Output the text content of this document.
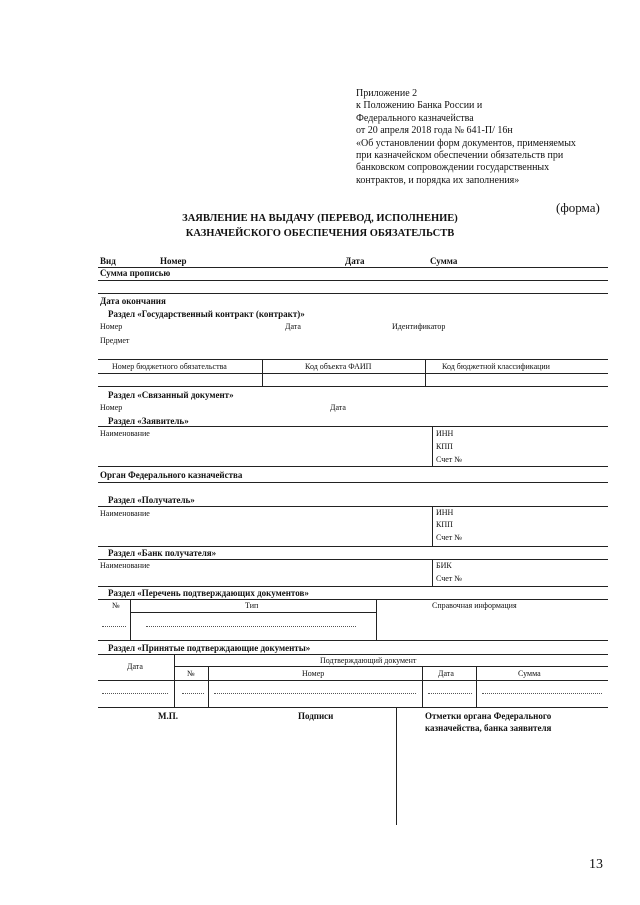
Приложение 2
к Положению Банка России и
Федерального казначейства
от 20 апреля 2018 года № 641-П/ 16н
«Об установлении форм документов, применяемых
при казначейском обеспечении обязательств при
банковском сопровождении государственных
контрактов, и порядка их заполнения»
(форма)
ЗАЯВЛЕНИЕ НА ВЫДАЧУ (ПЕРЕВОД, ИСПОЛНЕНИЕ)
КАЗНАЧЕЙСКОГО ОБЕСПЕЧЕНИЯ ОБЯЗАТЕЛЬСТВ
Вид	Номер	Дата	Сумма
Сумма прописью
Дата окончания
Раздел «Государственный контракт (контракт)»
Номер	Дата	Идентификатор
Предмет
Номер бюджетного обязательства	Код объекта ФАИП	Код бюджетной классификации
Раздел «Связанный документ»
Номер	Дата
Раздел «Заявитель»
Наименование	ИНН
КПП
Счет №
Орган Федерального казначейства
Раздел «Получатель»
Наименование	ИНН
КПП
Счет №
Раздел «Банк получателя»
Наименование	БИК
Счет №
Раздел «Перечень подтверждающих документов»
№	Тип	Справочная информация
Раздел «Принятые подтверждающие документы»
Дата
Подтверждающий документ
№	Номер	Дата	Сумма
М.П.	Подписи	Отметки органа Федерального
казначейства, банка заявителя
13
